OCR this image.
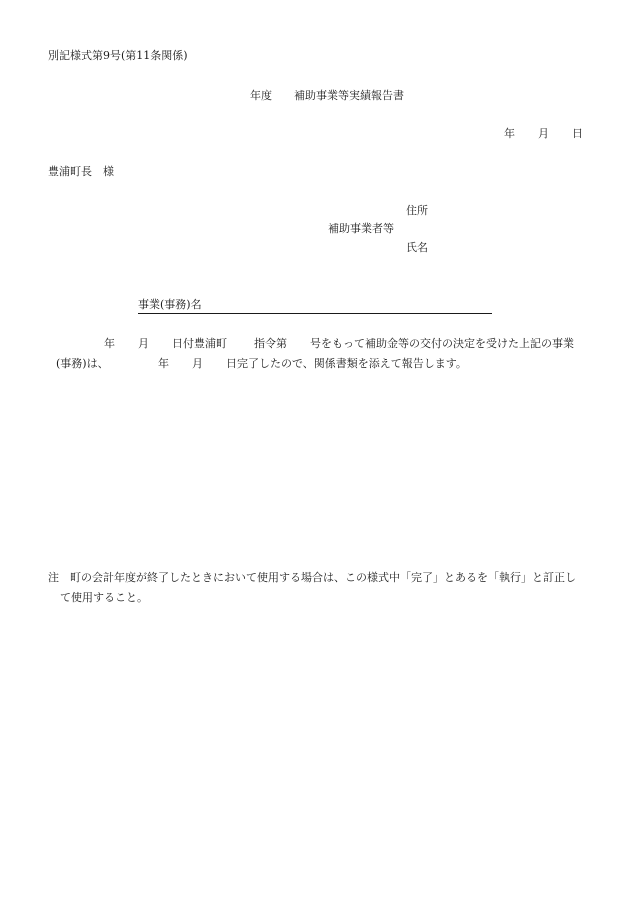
別記様式第9号(第11条関係)
年度 補助事業等実績報告書
年 月 日
豊浦町長　様
住所
補助事業者等
氏名
事業(事務)名
年 月 日付豊浦町 指令第 号をもって補助金等の交付の決定を受けた上記の事業
(事務)は、	年 月 日完了したので、関係書類を添えて報告します。
注　町の会計年度が終了したときにおいて使用する場合は、この様式中「完了」とあるを「執行」と訂正し
て使用すること。
